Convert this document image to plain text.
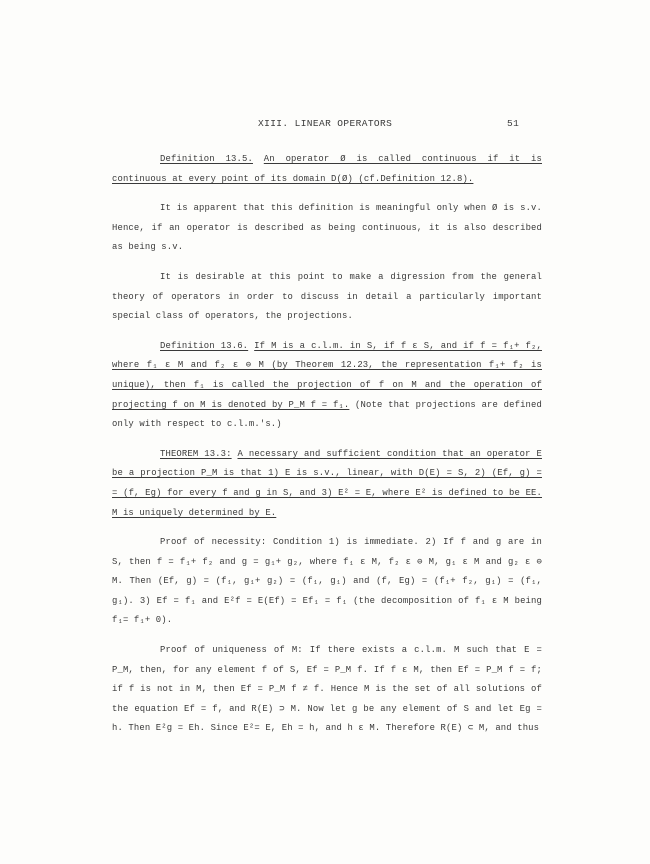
XIII. LINEAR OPERATORS	51

Definition 13.5. An operator Ø is called continuous if it is continuous at every point of its domain D(Ø) (cf.Definition 12.8).

It is apparent that this definition is meaningful only when Ø is s.v. Hence, if an operator is described as being continuous, it is also described as being s.v.

It is desirable at this point to make a digression from the general theory of operators in order to discuss in detail a particularly important special class of operators, the projections.

Definition 13.6. If M is a c.l.m. in S, if f ε S, and if f = f₁+ f₂, where f₁ ε M and f₂ ε ⊖ M (by Theorem 12.23, the representation f₁+ f₂ is unique), then f₁ is called the projection of f on M and the operation of projecting f on M is denoted by P_M f = f₁. (Note that projections are defined only with respect to c.l.m.'s.)

THEOREM 13.3: A necessary and sufficient condition that an operator E be a projection P_M is that 1) E is s.v., linear, with D(E) = S, 2) (Ef, g) = = (f, Eg) for every f and g in S, and 3) E² = E, where E² is defined to be EE. M is uniquely determined by E.

Proof of necessity: Condition 1) is immediate. 2) If f and g are in S, then f = f₁+ f₂ and g = g₁+ g₂, where f₁ ε M, f₂ ε ⊖ M, g₁ ε M and g₂ ε ⊖ M. Then (Ef, g) = (f₁, g₁+ g₂) = (f₁, g₁) and (f, Eg) = (f₁+ f₂, g₁) = (f₁, g₁). 3) Ef = f₁ and E²f = E(Ef) = Ef₁ = f₁ (the decomposition of f₁ ε M being f₁= f₁+ 0).

Proof of uniqueness of M: If there exists a c.l.m. M such that E = P_M, then, for any element f of S, Ef = P_M f. If f ε M, then Ef = P_M f = f; if f is not in M, then Ef = P_M f ≠ f. Hence M is the set of all solutions of the equation Ef = f, and R(E) ⊃ M. Now let g be any element of S and let Eg = h. Then E²g = Eh. Since E²= E, Eh = h, and h ε M. Therefore R(E) ⊂ M, and thus
